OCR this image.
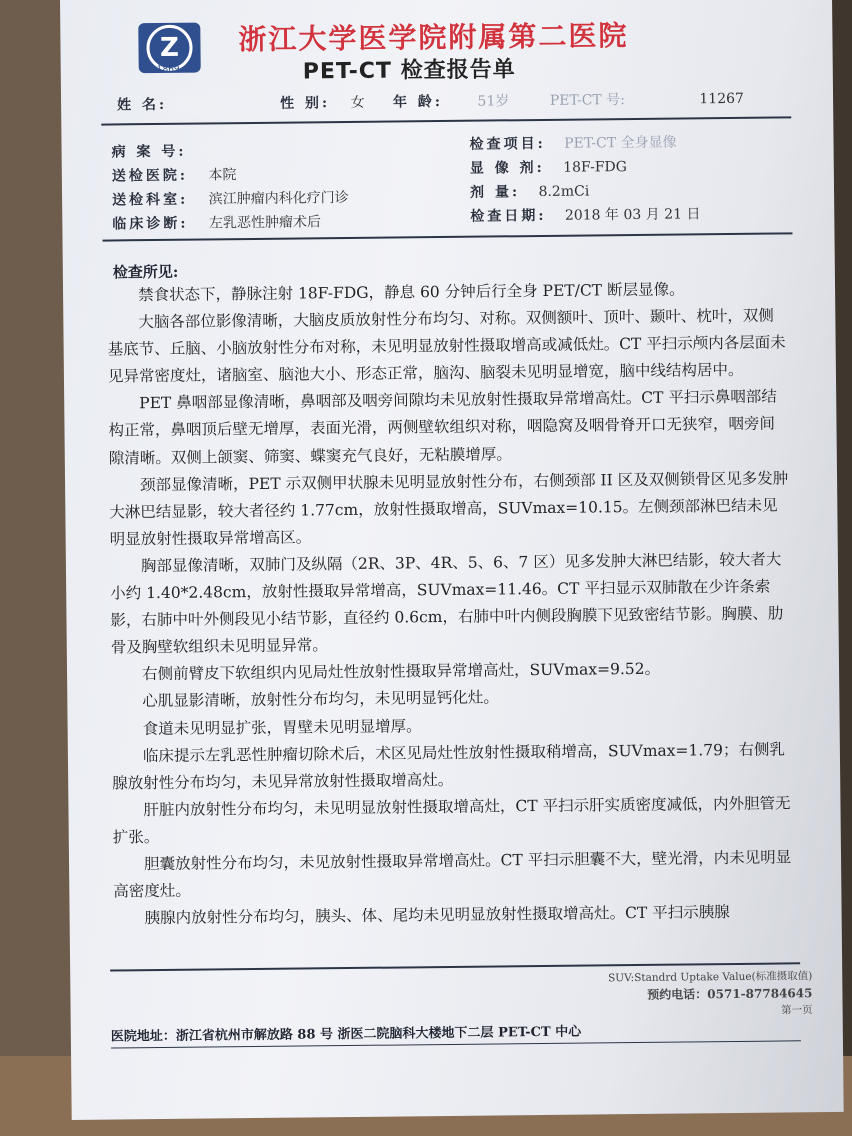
Z
1869
浙江大学医学院附属第二医院
PET-CT 检查报告单
姓 名:	性 别: 女 年 龄: 51岁	PET-CT 号:	11267
病 案 号:
送检医院: 本院
送检科室: 滨江肿瘤内科化疗门诊
临床诊断: 左乳恶性肿瘤术后
检查项目: PET-CT 全身显像
显 像 剂: 18F-FDG
剂 量: 8.2mCi
检查日期: 2018 年 03 月 21 日
检查所见:

禁食状态下，静脉注射 18F-FDG，静息 60 分钟后行全身 PET/CT 断层显像。

大脑各部位影像清晰，大脑皮质放射性分布均匀、对称。双侧额叶、顶叶、颞叶、枕叶，双侧基底节、丘脑、小脑放射性分布对称，未见明显放射性摄取增高或减低灶。CT 平扫示颅内各层面未见异常密度灶，诸脑室、脑池大小、形态正常，脑沟、脑裂未见明显增宽，脑中线结构居中。

PET 鼻咽部显像清晰，鼻咽部及咽旁间隙均未见放射性摄取异常增高灶。CT 平扫示鼻咽部结构正常，鼻咽顶后壁无增厚，表面光滑，两侧壁软组织对称，咽隐窝及咽骨脊开口无狭窄，咽旁间隙清晰。双侧上颌窦、筛窦、蝶窦充气良好，无粘膜增厚。

颈部显像清晰，PET 示双侧甲状腺未见明显放射性分布，右侧颈部 II 区及双侧锁骨区见多发肿大淋巴结显影，较大者径约 1.77cm，放射性摄取增高，SUVmax=10.15。左侧颈部淋巴结未见明显放射性摄取异常增高区。

胸部显像清晰，双肺门及纵隔（2R、3P、4R、5、6、7 区）见多发肿大淋巴结影，较大者大小约 1.40*2.48cm，放射性摄取异常增高，SUVmax=11.46。CT 平扫显示双肺散在少许条索影，右肺中叶外侧段见小结节影，直径约 0.6cm，右肺中叶内侧段胸膜下见致密结节影。胸膜、肋骨及胸壁软组织未见明显异常。

右侧前臂皮下软组织内见局灶性放射性摄取异常增高灶，SUVmax=9.52。

心肌显影清晰，放射性分布均匀，未见明显钙化灶。

食道未见明显扩张，胃壁未见明显增厚。

临床提示左乳恶性肿瘤切除术后，术区见局灶性放射性摄取稍增高，SUVmax=1.79；右侧乳腺放射性分布均匀，未见异常放射性摄取增高灶。

肝脏内放射性分布均匀，未见明显放射性摄取增高灶，CT 平扫示肝实质密度减低，内外胆管无扩张。

胆囊放射性分布均匀，未见放射性摄取异常增高灶。CT 平扫示胆囊不大，壁光滑，内未见明显高密度灶。

胰腺内放射性分布均匀，胰头、体、尾均未见明显放射性摄取增高灶。CT 平扫示胰腺

SUV:Standrd Uptake Value(标准摄取值)
预约电话：0571-87784645
第一页
医院地址：浙江省杭州市解放路 88 号 浙医二院脑科大楼地下二层 PET-CT 中心
